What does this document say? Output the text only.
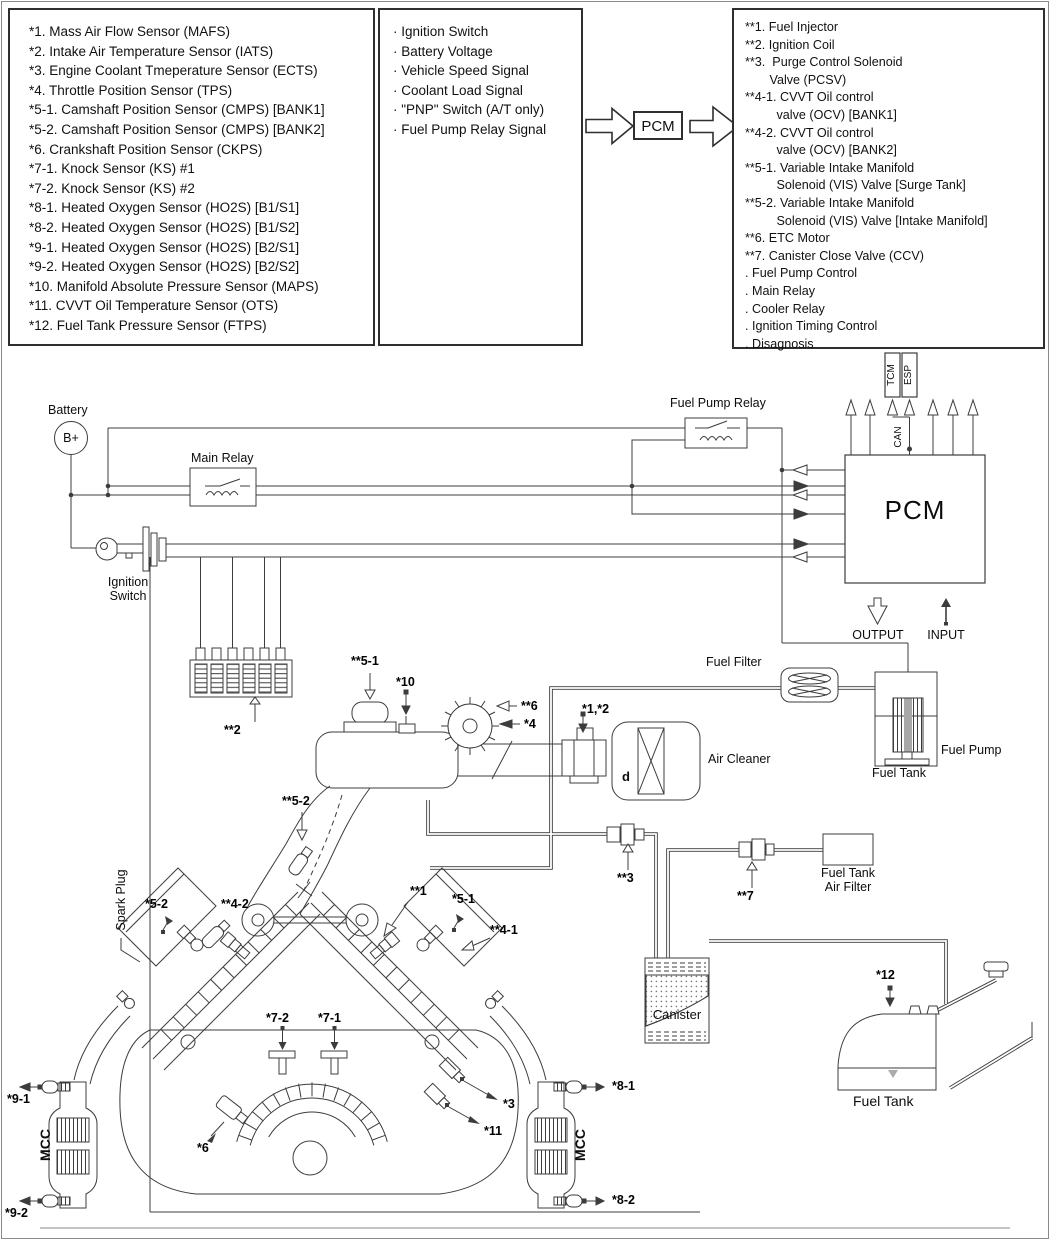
*1. Mass Air Flow Sensor (MAFS)
*2. Intake Air Temperature Sensor (IATS)
*3. Engine Coolant Tmeperature Sensor (ECTS)
*4. Throttle Position Sensor (TPS)
*5-1. Camshaft Position Sensor (CMPS) [BANK1]
*5-2. Camshaft Position Sensor (CMPS) [BANK2]
*6. Crankshaft Position Sensor (CKPS)
*7-1. Knock Sensor (KS) #1
*7-2. Knock Sensor (KS) #2
*8-1. Heated Oxygen Sensor (HO2S) [B1/S1]
*8-2. Heated Oxygen Sensor (HO2S) [B1/S2]
*9-1. Heated Oxygen Sensor (HO2S) [B2/S1]
*9-2. Heated Oxygen Sensor (HO2S) [B2/S2]
*10. Manifold Absolute Pressure Sensor (MAPS)
*11. CVVT Oil Temperature Sensor (OTS)
*12. Fuel Tank Pressure Sensor (FTPS)
· Ignition Switch
· Battery Voltage
· Vehicle Speed Signal
· Coolant Load Signal
· "PNP" Switch (A/T only)
· Fuel Pump Relay Signal	PCM
**1. Fuel Injector
**2. Ignition Coil
**3.  Purge Control Solenoid
Valve (PCSV)
**4-1. CVVT Oil control
valve (OCV) [BANK1]
**4-2. CVVT Oil control
valve (OCV) [BANK2]
**5-1. Variable Intake Manifold
Solenoid (VIS) Valve [Surge Tank]
**5-2. Variable Intake Manifold
Solenoid (VIS) Valve [Intake Manifold]
**6. ETC Motor
**7. Canister Close Valve (CCV)
. Fuel Pump Control
. Main Relay
. Cooler Relay
. Ignition Timing Control
. Disagnosis
Battery
B+
Main Relay
Fuel Pump Relay
Ignition Switch
TCM ESP
CAN
PCM
OUTPUT	INPUT
Spark Plug
MCC	MCC
Fuel Filter
Air Cleaner
d
Fuel Pump
Fuel Tank
Fuel Tank Air Filter
Canister
Fuel Tank
**5-1
*10
**6
*4
*1,*2
**2
**5-2
*5-2	**4-2
**1
*5-1
**4-1
*7-2 *7-1
*6
*3
*11
*8-1
*8-2
*9-1
*9-2
**3
**7
*12
